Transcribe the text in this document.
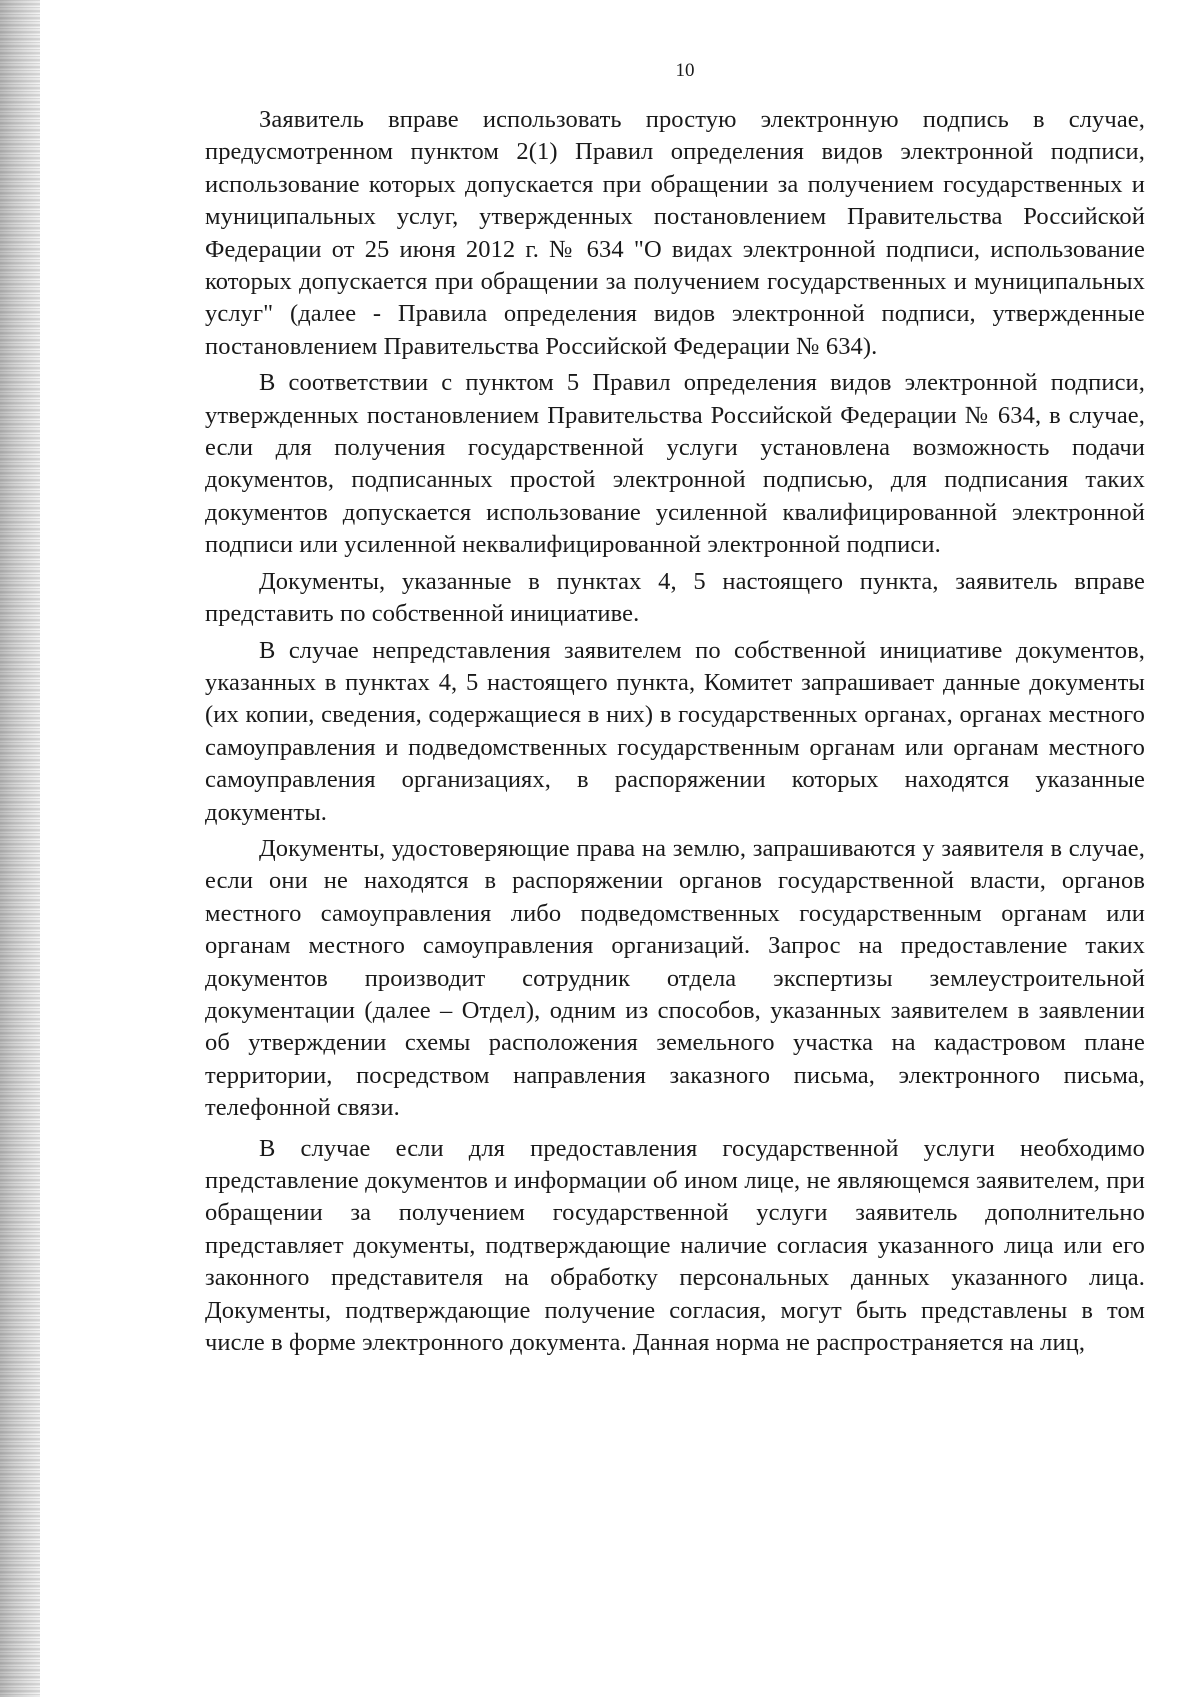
10

Заявитель вправе использовать простую электронную подпись в случае, предусмотренном пунктом 2(1) Правил определения видов электронной подписи, использование которых допускается при обращении за получением государственных и муниципальных услуг, утвержденных постановлением Правительства Российской Федерации от 25 июня 2012 г. № 634 "О видах электронной подписи, использование которых допускается при обращении за получением государственных и муниципальных услуг" (далее - Правила определения видов электронной подписи, утвержденные постановлением Правительства Российской Федерации № 634).

В соответствии с пунктом 5 Правил определения видов электронной подписи, утвержденных постановлением Правительства Российской Федерации № 634, в случае, если для получения государственной услуги установлена возможность подачи документов, подписанных простой электронной подписью, для подписания таких документов допускается использование усиленной квалифицированной электронной подписи или усиленной неквалифицированной электронной подписи.

Документы, указанные в пунктах 4, 5 настоящего пункта, заявитель вправе представить по собственной инициативе.

В случае непредставления заявителем по собственной инициативе документов, указанных в пунктах 4, 5 настоящего пункта, Комитет запрашивает данные документы (их копии, сведения, содержащиеся в них) в государственных органах, органах местного самоуправления и подведомственных государственным органам или органам местного самоуправления организациях, в распоряжении которых находятся указанные документы.

Документы, удостоверяющие права на землю, запрашиваются у заявителя в случае, если они не находятся в распоряжении органов государственной власти, органов местного самоуправления либо подведомственных государственным органам или органам местного самоуправления организаций. Запрос на предоставление таких документов производит сотрудник отдела экспертизы землеустроительной документации (далее – Отдел), одним из способов, указанных заявителем в заявлении об утверждении схемы расположения земельного участка на кадастровом плане территории, посредством направления заказного письма, электронного письма, телефонной связи.

В случае если для предоставления государственной услуги необходимо представление документов и информации об ином лице, не являющемся заявителем, при обращении за получением государственной услуги заявитель дополнительно представляет документы, подтверждающие наличие согласия указанного лица или его законного представителя на обработку персональных данных указанного лица. Документы, подтверждающие получение согласия, могут быть представлены в том числе в форме электронного документа. Данная норма не распространяется на лиц,
